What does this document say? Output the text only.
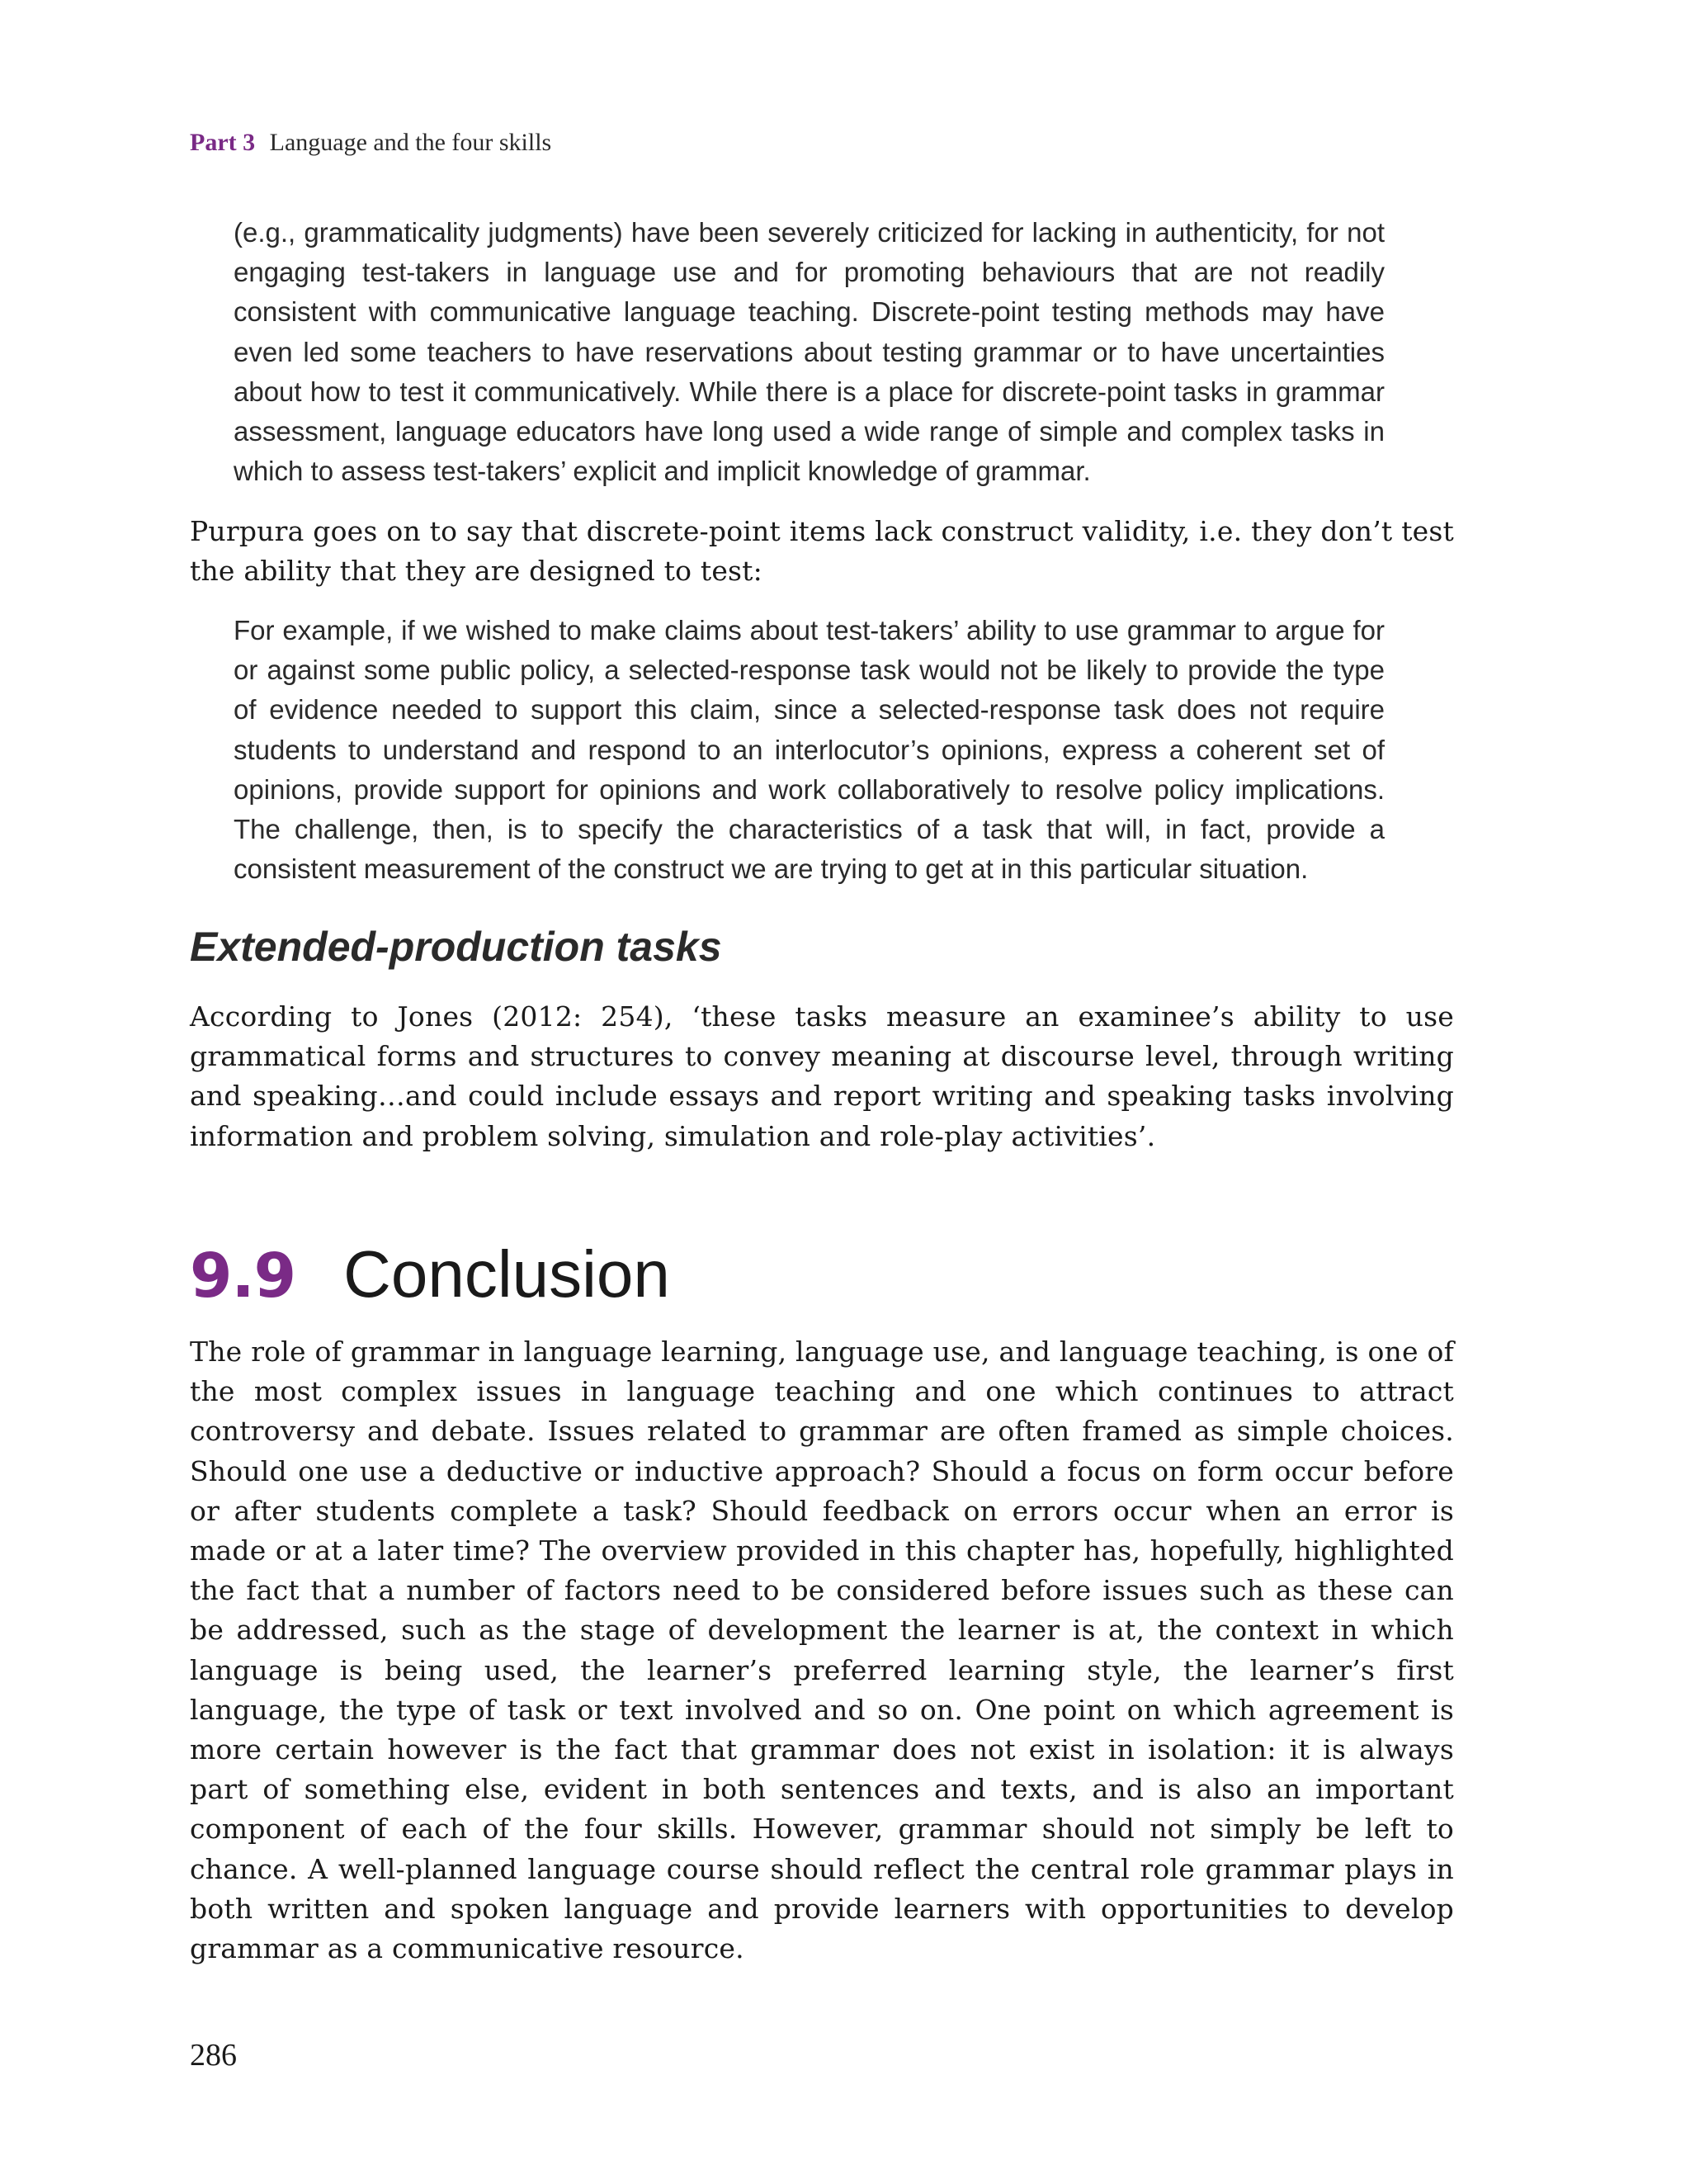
Part 3 Language and the four skills

(e.g., grammaticality judgments) have been severely criticized for lacking in authenticity, for not engaging test-takers in language use and for promoting behaviours that are not readily consistent with communicative language teaching. Discrete-point testing methods may have even led some teachers to have reservations about testing grammar or to have uncertainties about how to test it communicatively. While there is a place for discrete-point tasks in grammar assessment, language educators have long used a wide range of simple and complex tasks in which to assess test-takers’ explicit and implicit knowledge of grammar.

Purpura goes on to say that discrete-point items lack construct validity, i.e. they don’t test the ability that they are designed to test:

For example, if we wished to make claims about test-takers’ ability to use grammar to argue for or against some public policy, a selected-response task would not be likely to provide the type of evidence needed to support this claim, since a selected-response task does not require students to understand and respond to an interlocutor’s opinions, express a coherent set of opinions, provide support for opinions and work collaboratively to resolve policy implications. The challenge, then, is to specify the characteristics of a task that will, in fact, provide a consistent measurement of the construct we are trying to get at in this particular situation.

Extended-production tasks

According to Jones (2012: 254), ‘these tasks measure an examinee’s ability to use grammatical forms and structures to convey meaning at discourse level, through writing and speaking…and could include essays and report writing and speaking tasks involving information and problem solving, simulation and role-play activities’.

9.9 Conclusion

The role of grammar in language learning, language use, and language teaching, is one of the most complex issues in language teaching and one which continues to attract controversy and debate. Issues related to grammar are often framed as simple choices. Should one use a deductive or inductive approach? Should a focus on form occur before or after students complete a task? Should feedback on errors occur when an error is made or at a later time? The overview provided in this chapter has, hopefully, highlighted the fact that a number of factors need to be considered before issues such as these can be addressed, such as the stage of development the learner is at, the context in which language is being used, the learner’s preferred learning style, the learner’s first language, the type of task or text involved and so on. One point on which agreement is more certain however is the fact that grammar does not exist in isolation: it is always part of something else, evident in both sentences and texts, and is also an important component of each of the four skills. However, grammar should not simply be left to chance. A well-planned language course should reflect the central role grammar plays in both written and spoken language and provide learners with opportunities to develop grammar as a communicative resource.

286
